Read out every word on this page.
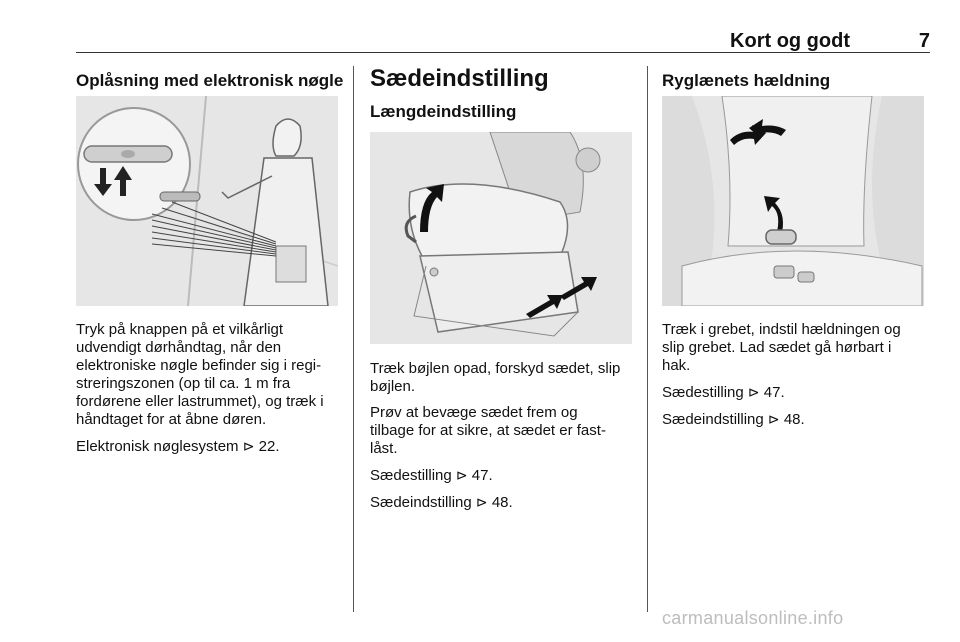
Kort og godt	7
Oplåsning med elektronisk nøgle

Tryk på knappen på et vilkårligt
udvendigt dørhåndtag, når den
elektroniske nøgle befinder sig i regi-
streringszonen (op til ca. 1 m fra
fordørene eller lastrummet), og træk i
håndtaget for at åbne døren.

Elektronisk nøglesystem ⊳ 22.

Sædeindstilling
Længdeindstilling

Træk bøjlen opad, forskyd sædet, slip
bøjlen.

Prøv at bevæge sædet frem og
tilbage for at sikre, at sædet er fast-
låst.

Sædestilling ⊳ 47.

Sædeindstilling ⊳ 48.

Ryglænets hældning

Træk i grebet, indstil hældningen og
slip grebet. Lad sædet gå hørbart i
hak.

Sædestilling ⊳ 47.

Sædeindstilling ⊳ 48.

carmanualsonline.info
